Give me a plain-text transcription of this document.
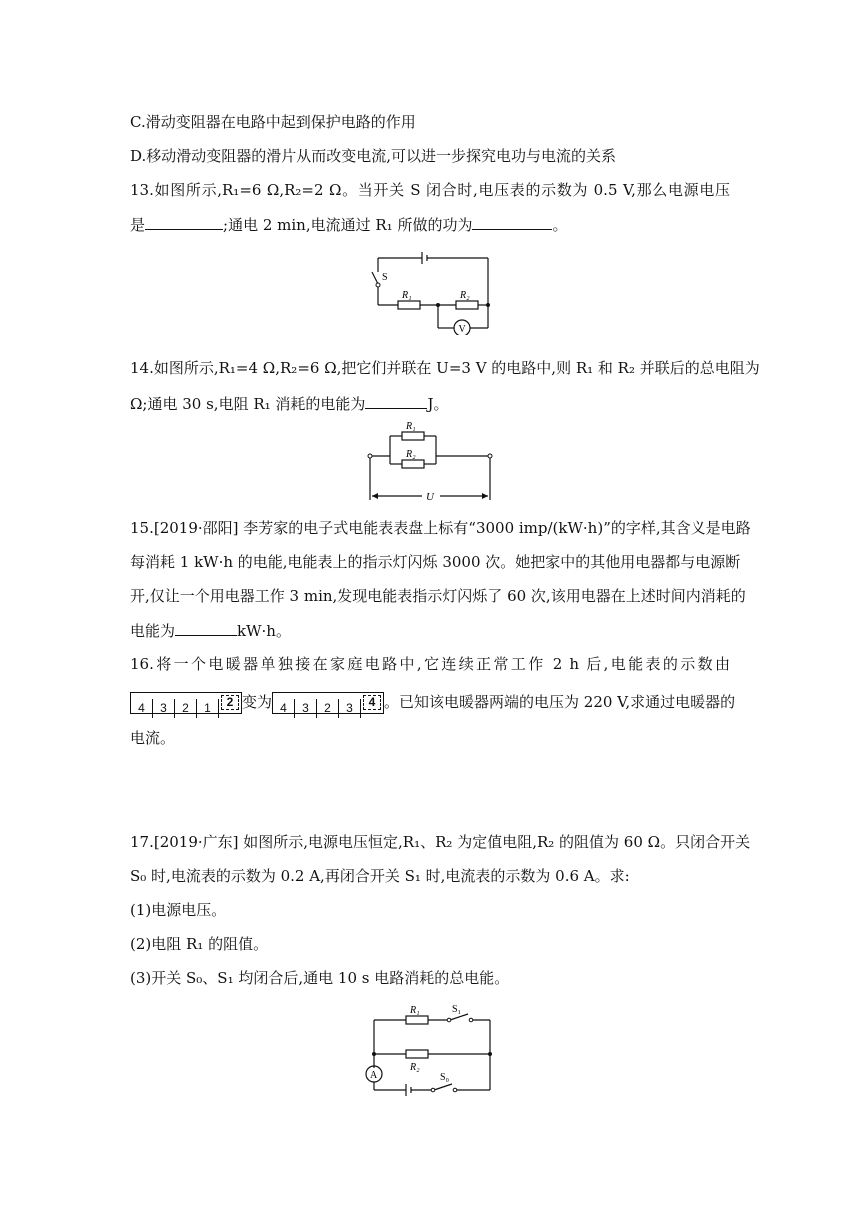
C.滑动变阻器在电路中起到保护电路的作用
D.移动滑动变阻器的滑片从而改变电流,可以进一步探究电功与电流的关系
13.如图所示,R₁=6 Ω,R₂=2 Ω。当开关 S 闭合时,电压表的示数为 0.5 V,那么电源电压
是	;通电 2 min,电流通过 R₁ 所做的功为	。
S
R₁	R₂
V
14.如图所示,R₁=4 Ω,R₂=6 Ω,把它们并联在 U=3 V 的电路中,则 R₁ 和 R₂ 并联后的总电阻为
Ω;通电 30 s,电阻 R₁ 消耗的电能为	J。
R₁
R₂
U
15.[2019·邵阳] 李芳家的电子式电能表表盘上标有“3000 imp/(kW·h)”的字样,其含义是电路
每消耗 1 kW·h 的电能,电能表上的指示灯闪烁 3000 次。她把家中的其他用电器都与电源断
开,仅让一个用电器工作 3 min,发现电能表指示灯闪烁了 60 次,该用电器在上述时间内消耗的
电能为	kW·h。
16.将一个电暖器单独接在家庭电路中,它连续正常工作 2 h 后,电能表的示数由
4 3 2 1	2 变为 4 3 2 3	4 。已知该电暖器两端的电压为 220 V,求通过电暖器的
电流。
17.[2019·广东] 如图所示,电源电压恒定,R₁、R₂ 为定值电阻,R₂ 的阻值为 60 Ω。只闭合开关
S₀ 时,电流表的示数为 0.2 A,再闭合开关 S₁ 时,电流表的示数为 0.6 A。求:
(1)电源电压。
(2)电阻 R₁ 的阻值。
(3)开关 S₀、S₁ 均闭合后,通电 10 s 电路消耗的总电能。
R₁	S₁
R₂
S₀
A
